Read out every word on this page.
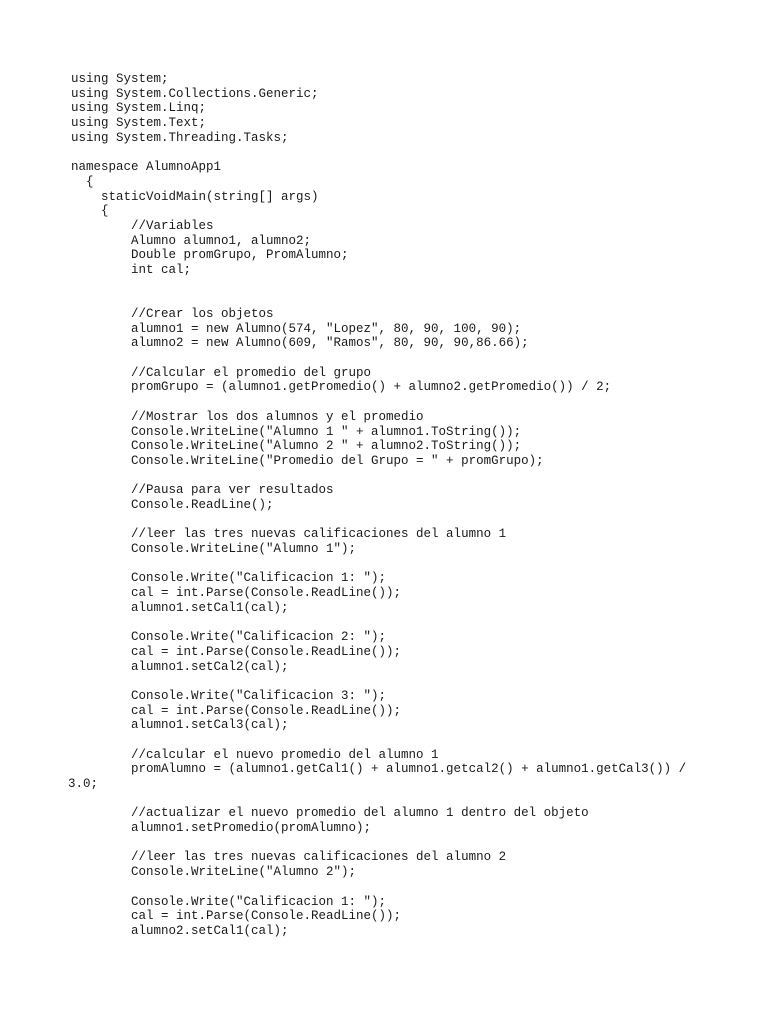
using System;
using System.Collections.Generic;
using System.Linq;
using System.Text;
using System.Threading.Tasks;
namespace AlumnoApp1
{
staticVoidMain(string[] args)
{
//Variables
Alumno alumno1, alumno2;
Double promGrupo, PromAlumno;
int cal;
//Crear los objetos
alumno1 = new Alumno(574, "Lopez", 80, 90, 100, 90);
alumno2 = new Alumno(609, "Ramos", 80, 90, 90,86.66);
//Calcular el promedio del grupo
promGrupo = (alumno1.getPromedio() + alumno2.getPromedio()) / 2;
//Mostrar los dos alumnos y el promedio
Console.WriteLine("Alumno 1 " + alumno1.ToString());
Console.WriteLine("Alumno 2 " + alumno2.ToString());
Console.WriteLine("Promedio del Grupo = " + promGrupo);
//Pausa para ver resultados
Console.ReadLine();
//leer las tres nuevas calificaciones del alumno 1
Console.WriteLine("Alumno 1");
Console.Write("Calificacion 1: ");
cal = int.Parse(Console.ReadLine());
alumno1.setCal1(cal);
Console.Write("Calificacion 2: ");
cal = int.Parse(Console.ReadLine());
alumno1.setCal2(cal);
Console.Write("Calificacion 3: ");
cal = int.Parse(Console.ReadLine());
alumno1.setCal3(cal);
//calcular el nuevo promedio del alumno 1
promAlumno = (alumno1.getCal1() + alumno1.getcal2() + alumno1.getCal3()) /
3.0;
//actualizar el nuevo promedio del alumno 1 dentro del objeto
alumno1.setPromedio(promAlumno);
//leer las tres nuevas calificaciones del alumno 2
Console.WriteLine("Alumno 2");
Console.Write("Calificacion 1: ");
cal = int.Parse(Console.ReadLine());
alumno2.setCal1(cal);
